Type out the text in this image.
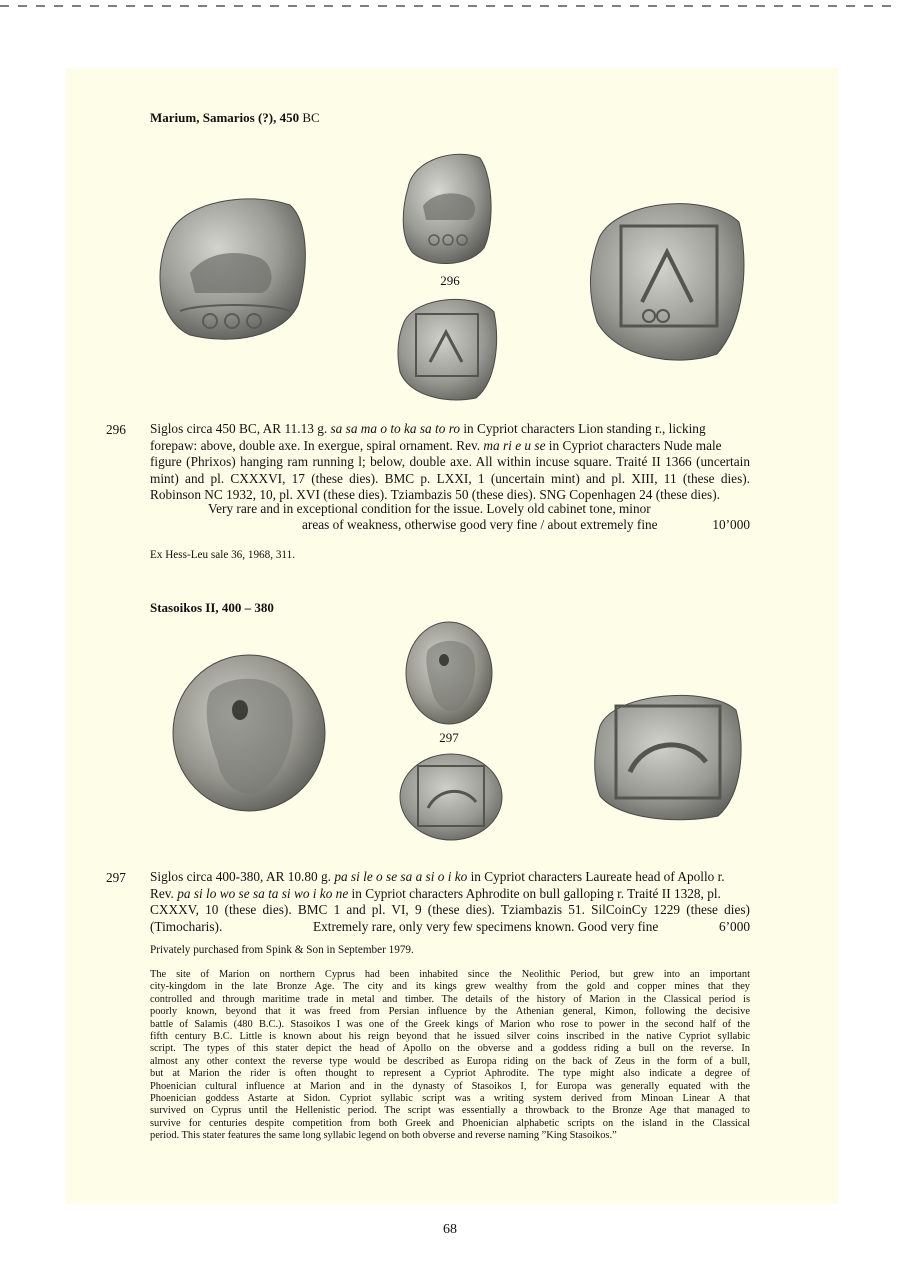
Marium, Samarios (?), 450 BC
296
296 Siglos circa 450 BC, AR 11.13 g. sa sa ma o to ka sa to ro in Cypriot characters Lion standing r., licking
forepaw: above, double axe. In exergue, spiral ornament. Rev. ma ri e u se in Cypriot characters Nude male
figure (Phrixos) hanging ram running l; below, double axe. All within incuse square. Traité II 1366 (uncertain
mint) and pl. CXXXVI, 17 (these dies). BMC p. LXXI, 1 (uncertain mint) and pl. XIII, 11 (these dies).
Robinson NC 1932, 10, pl. XVI (these dies). Tziambazis 50 (these dies). SNG Copenhagen 24 (these dies).
Very rare and in exceptional condition for the issue. Lovely old cabinet tone, minor
areas of weakness, otherwise good very fine / about extremely fine	10’000
Ex Hess-Leu sale 36, 1968, 311.
Stasoikos II, 400 – 380
297
297 Siglos circa 400-380, AR 10.80 g. pa si le o se sa a si o i ko in Cypriot characters Laureate head of Apollo r.
Rev. pa si lo wo se sa ta si wo i ko ne in Cypriot characters Aphrodite on bull galloping r. Traité II 1328, pl.
CXXXV, 10 (these dies). BMC 1 and pl. VI, 9 (these dies). Tziambazis 51. SilCoinCy 1229 (these dies)
(Timocharis).	Extremely rare, only very few specimens known. Good very fine	6’000
Privately purchased from Spink & Son in September 1979.
The site of Marion on northern Cyprus had been inhabited since the Neolithic Period, but grew into an important
city-kingdom in the late Bronze Age. The city and its kings grew wealthy from the gold and copper mines that they
controlled and through maritime trade in metal and timber. The details of the history of Marion in the Classical period is
poorly known, beyond that it was freed from Persian influence by the Athenian general, Kimon, following the decisive
battle of Salamis (480 B.C.). Stasoikos I was one of the Greek kings of Marion who rose to power in the second half of the
fifth century B.C. Little is known about his reign beyond that he issued silver coins inscribed in the native Cypriot syllabic
script. The types of this stater depict the head of Apollo on the obverse and a goddess riding a bull on the reverse. In
almost any other context the reverse type would be described as Europa riding on the back of Zeus in the form of a bull,
but at Marion the rider is often thought to represent a Cypriot Aphrodite. The type might also indicate a degree of
Phoenician cultural influence at Marion and in the dynasty of Stasoikos I, for Europa was generally equated with the
Phoenician goddess Astarte at Sidon. Cypriot syllabic script was a writing system derived from Minoan Linear A that
survived on Cyprus until the Hellenistic period. The script was essentially a throwback to the Bronze Age that managed to
survive for centuries despite competition from both Greek and Phoenician alphabetic scripts on the island in the Classical
period. This stater features the same long syllabic legend on both obverse and reverse naming ”King Stasoikos.”
68
